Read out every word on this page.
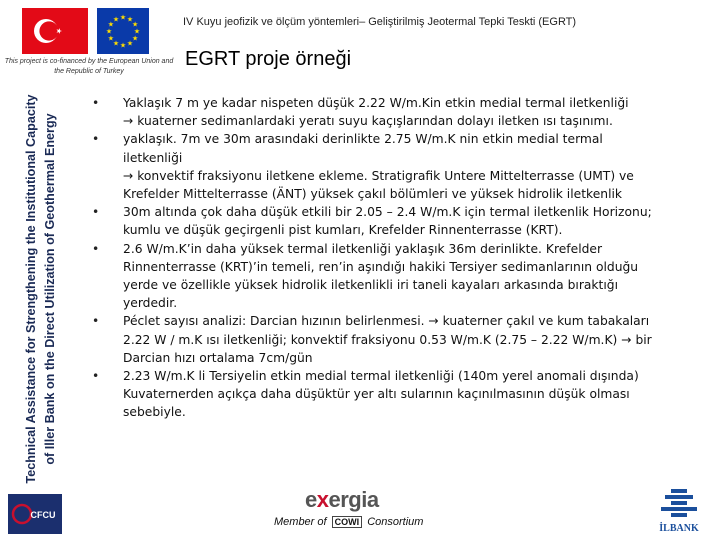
★ ★
★
★
★
★
★
★
★
★
★
★
This project is co-financed by the European Union and the Republic of Turkey
IV Kuyu jeofizik ve ölçüm yöntemleri– Geliştirilmiş Jeotermal Tepki Teskti (EGRT)
EGRT proje örneği
Technical Assistance for Strengthening the Institutional Capacity of Iller Bank on the Direct Utilization of Geothermal Energy
• Yaklaşık 7 m ye kadar nispeten düşük 2.22 W/m.Kin etkin medial termal iletkenliği
→ kuaterner sedimanlardaki yeratı suyu kaçışlarından dolayı iletken ısı taşınımı.

• yaklaşık. 7m ve 30m arasındaki derinlikte 2.75 W/m.K nin etkin medial termal
iletkenliği
→ konvektif fraksiyonu iletkene ekleme. Stratigrafik Untere Mittelterrasse (UMT) ve
Krefelder Mittelterrasse (ÄNT) yüksek çakıl bölümleri ve yüksek hidrolik iletkenlik

• 30m altında çok daha düşük etkili bir 2.05 – 2.4 W/m.K için termal iletkenlik Horizonu;
kumlu ve düşük geçirgenli pist kumları, Krefelder Rinnenterrasse (KRT).

• 2.6 W/m.K’in daha yüksek termal iletkenliği yaklaşık 36m derinlikte. Krefelder
Rinnenterrasse (KRT)’in temeli, ren’in aşındığı hakiki Tersiyer sedimanlarının olduğu
yerde ve özellikle yüksek hidrolik iletkenlikli iri taneli kayaları arkasında bıraktığı
yerdedir.

• Péclet sayısı analizi: Darcian hızının belirlenmesi. → kuaterner çakıl ve kum tabakaları
2.22 W / m.K ısı iletkenliği; konvektif fraksiyonu 0.53 W/m.K (2.75 – 2.22 W/m.K) → bir
Darcian hızı ortalama 7cm/gün

• 2.23 W/m.K li Tersiyelin etkin medial termal iletkenliği (140m yerel anomali dışında)
Kuvaternerden açıkça daha düşüktür yer altı sularının kaçınılmasının düşük olması
sebebiyle.

CFCU
exergia
Member of COWI Consortium
İLBANK
